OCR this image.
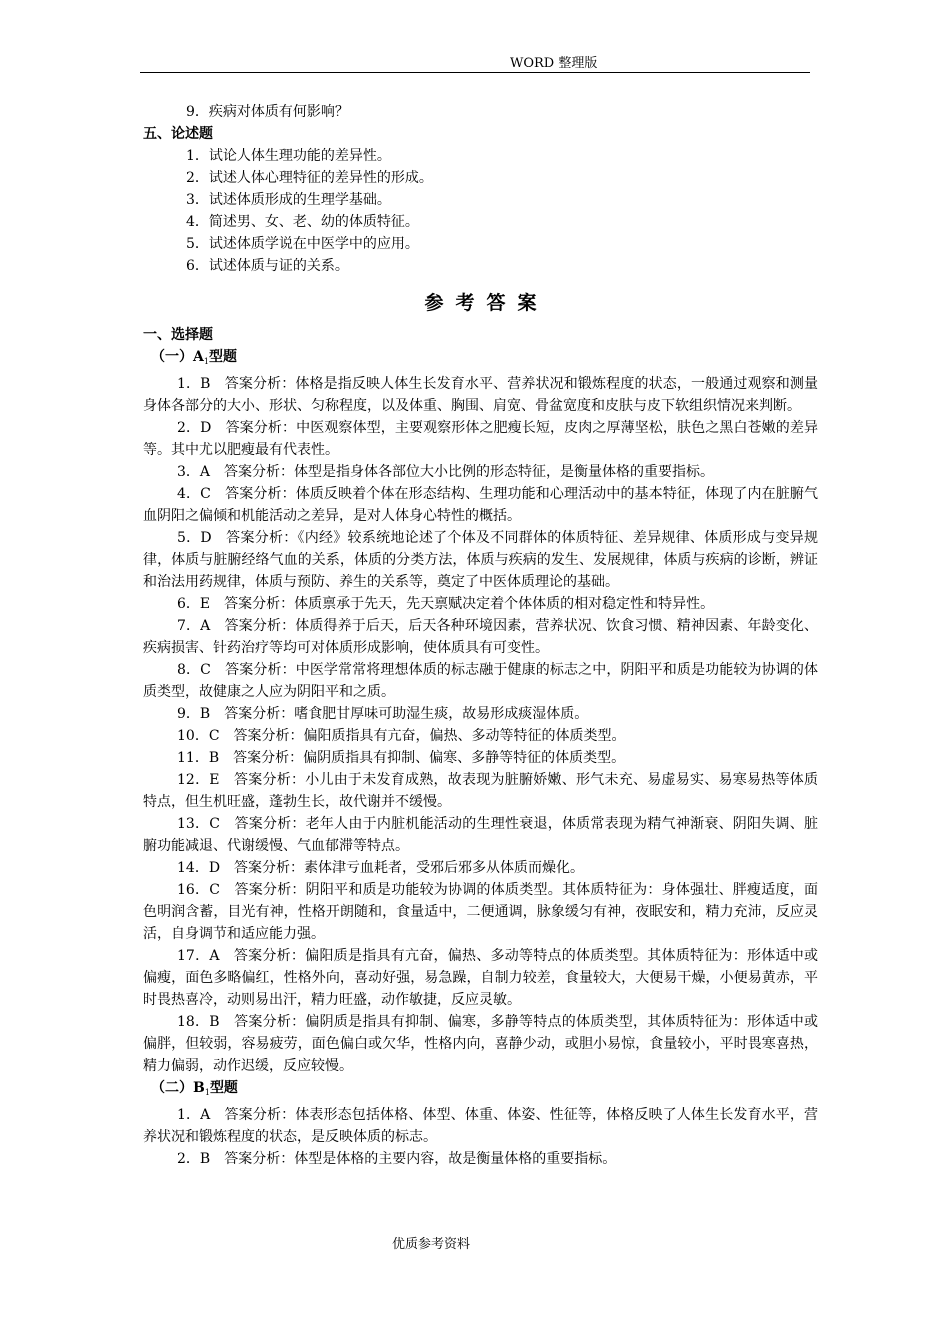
WORD 整理版
9．疾病对体质有何影响？
五、论述题
1．试论人体生理功能的差异性。
2．试述人体心理特征的差异性的形成。
3．试述体质形成的生理学基础。
4．简述男、女、老、幼的体质特征。
5．试述体质学说在中医学中的应用。
6．试述体质与证的关系。
参考答案
一、选择题
（一）$A_1$型题
1．B　答案分析：体格是指反映人体生长发育水平、营养状况和锻炼程度的状态，一般通过观察和测量身体各部分的大小、形状、匀称程度，以及体重、胸围、肩宽、骨盆宽度和皮肤与皮下软组织情况来判断。
2．D　答案分析：中医观察体型，主要观察形体之肥瘦长短，皮肉之厚薄坚松，肤色之黑白苍嫩的差异等。其中尤以肥瘦最有代表性。
3．A　答案分析：体型是指身体各部位大小比例的形态特征，是衡量体格的重要指标。
4．C　答案分析：体质反映着个体在形态结构、生理功能和心理活动中的基本特征，体现了内在脏腑气血阴阳之偏倾和机能活动之差异，是对人体身心特性的概括。
5．D　答案分析：《内经》较系统地论述了个体及不同群体的体质特征、差异规律、体质形成与变异规律，体质与脏腑经络气血的关系，体质的分类方法，体质与疾病的发生、发展规律，体质与疾病的诊断，辨证和治法用药规律，体质与预防、养生的关系等，奠定了中医体质理论的基础。
6．E　答案分析：体质禀承于先天，先天禀赋决定着个体体质的相对稳定性和特异性。
7．A　答案分析：体质得养于后天，后天各种环境因素，营养状况、饮食习惯、精神因素、年龄变化、疾病损害、针药治疗等均可对体质形成影响，使体质具有可变性。
8．C　答案分析：中医学常常将理想体质的标志融于健康的标志之中，阴阳平和质是功能较为协调的体质类型，故健康之人应为阴阳平和之质。
9．B　答案分析：嗜食肥甘厚味可助湿生痰，故易形成痰湿体质。
10．C　答案分析：偏阳质指具有亢奋，偏热、多动等特征的体质类型。
11．B　答案分析：偏阴质指具有抑制、偏寒、多静等特征的体质类型。
12．E　答案分析：小儿由于未发育成熟，故表现为脏腑娇嫩、形气未充、易虚易实、易寒易热等体质特点，但生机旺盛，蓬勃生长，故代谢并不缓慢。
13．C　答案分析：老年人由于内脏机能活动的生理性衰退，体质常表现为精气神渐衰、阴阳失调、脏腑功能减退、代谢缓慢、气血郁滞等特点。
14．D　答案分析：素体津亏血耗者，受邪后邪多从体质而燥化。
16．C　答案分析：阴阳平和质是功能较为协调的体质类型。其体质特征为：身体强壮、胖瘦适度，面色明润含蓄，目光有神，性格开朗随和，食量适中，二便通调，脉象缓匀有神，夜眠安和，精力充沛，反应灵活，自身调节和适应能力强。
17．A　答案分析：偏阳质是指具有亢奋，偏热、多动等特点的体质类型。其体质特征为：形体适中或偏瘦，面色多略偏红，性格外向，喜动好强，易急躁，自制力较差，食量较大，大便易干燥，小便易黄赤，平时畏热喜冷，动则易出汗，精力旺盛，动作敏捷，反应灵敏。
18．B　答案分析：偏阴质是指具有抑制、偏寒，多静等特点的体质类型，其体质特征为：形体适中或偏胖，但较弱，容易疲劳，面色偏白或欠华，性格内向，喜静少动，或胆小易惊，食量较小，平时畏寒喜热，精力偏弱，动作迟缓，反应较慢。
（二）$B_1$型题
1．A　答案分析：体表形态包括体格、体型、体重、体姿、性征等，体格反映了人体生长发育水平，营养状况和锻炼程度的状态，是反映体质的标志。
2．B　答案分析：体型是体格的主要内容，故是衡量体格的重要指标。
优质参考资料
